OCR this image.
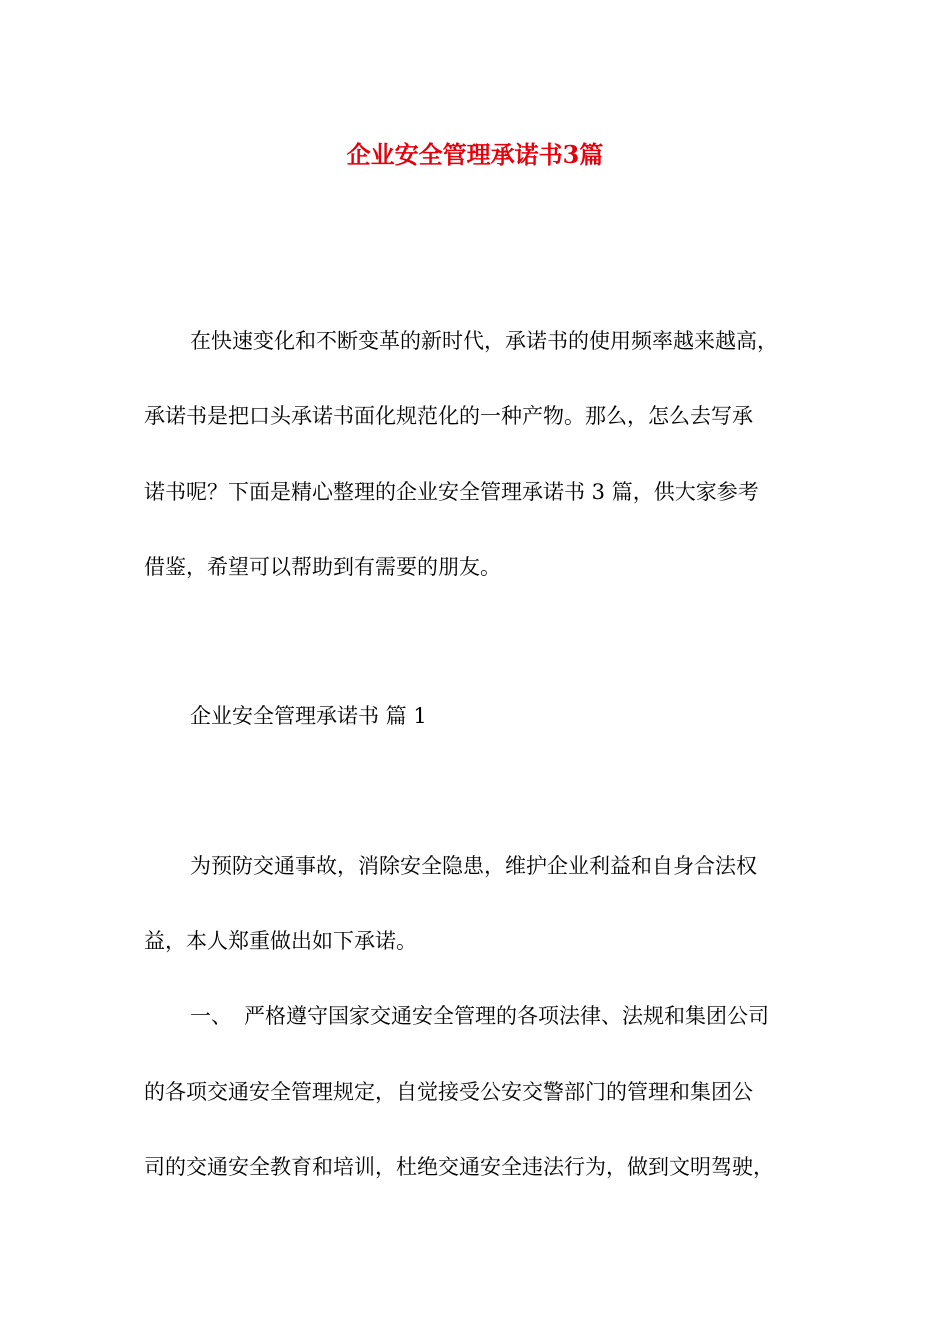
企业安全管理承诺书3篇
在快速变化和不断变革的新时代，承诺书的使用频率越来越高，
承诺书是把口头承诺书面化规范化的一种产物。那么，怎么去写承
诺书呢？下面是精心整理的企业安全管理承诺书 3 篇，供大家参考
借鉴，希望可以帮助到有需要的朋友。
企业安全管理承诺书 篇 1
为预防交通事故，消除安全隐患，维护企业利益和自身合法权
益，本人郑重做出如下承诺。
一、 严格遵守国家交通安全管理的各项法律、法规和集团公司
的各项交通安全管理规定，自觉接受公安交警部门的管理和集团公
司的交通安全教育和培训，杜绝交通安全违法行为，做到文明驾驶，
